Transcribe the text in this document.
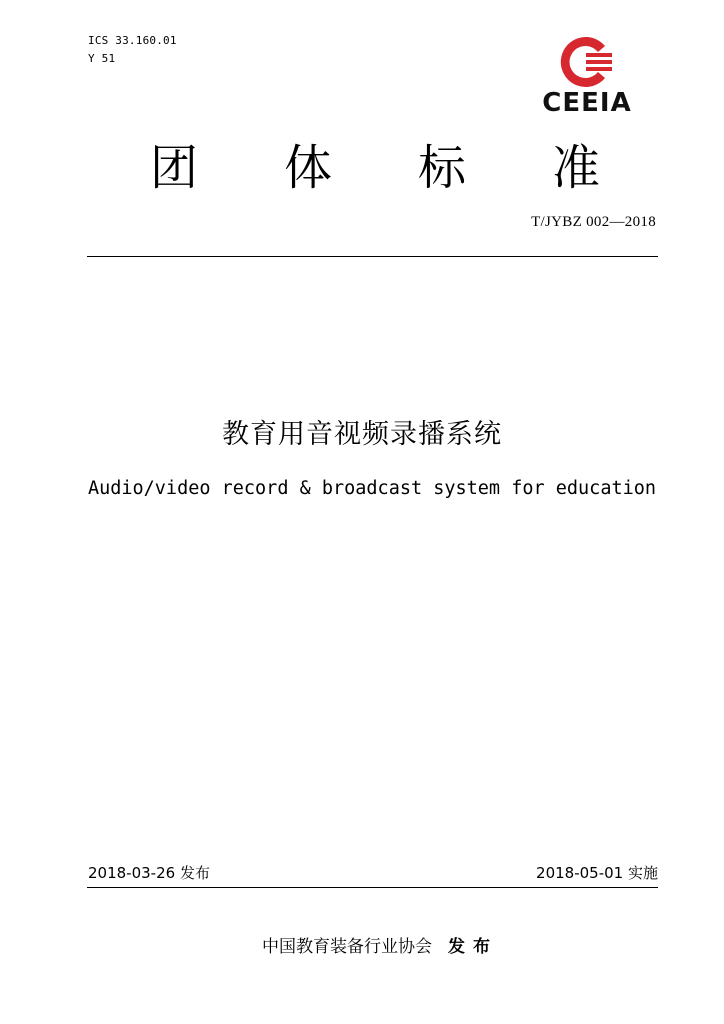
ICS 33.160.01
Y 51
CEEIA
团 体 标 准
T/JYBZ 002—2018
教育用音视频录播系统
Audio/video record & broadcast system for education
2018-03-26 发布	2018-05-01 实施
中国教育装备行业协会 发布
